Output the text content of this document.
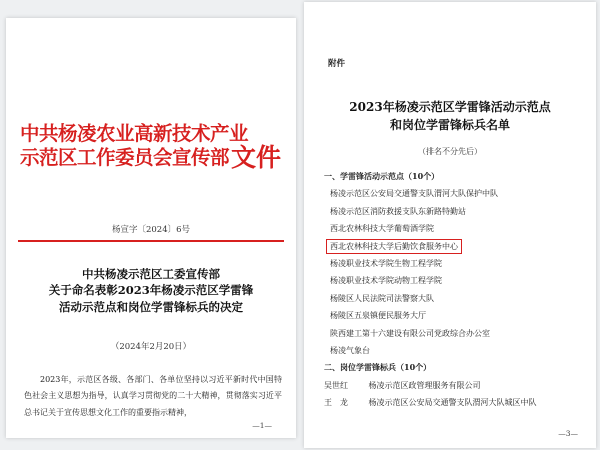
中共杨凌农业高新技术产业
示范区工作委员会宣传部 文件
杨宣字〔2024〕6号
中共杨凌示范区工委宣传部
关于命名表彰2023年杨凌示范区学雷锋
活动示范点和岗位学雷锋标兵的决定
（2024年2月20日）
2023年，示范区各级、各部门、各单位坚持以习近平新时代中国特色社会主义思想为指导，认真学习贯彻党的二十大精神，贯彻落实习近平总书记关于宣传思想文化工作的重要指示精神，
—1—
附件
2023年杨凌示范区学雷锋活动示范点
和岗位学雷锋标兵名单
（排名不分先后）
一、学雷锋活动示范点（10个）
杨凌示范区公安局交通警支队渭河大队保护中队
杨凌示范区消防救援支队东新路特勤站
西北农林科技大学葡萄酒学院
西北农林科技大学后勤饮食服务中心
杨凌职业技术学院生物工程学院
杨凌职业技术学院动物工程学院
杨陵区人民法院司法警察大队
杨陵区五泉镇便民服务大厅
陕西建工第十六建设有限公司党政综合办公室
杨凌气象台
二、岗位学雷锋标兵（10个）
吴世红	杨凌示范区政管理服务有限公司
王　龙	杨凌示范区公安局交通警支队渭河大队城区中队
—3—
